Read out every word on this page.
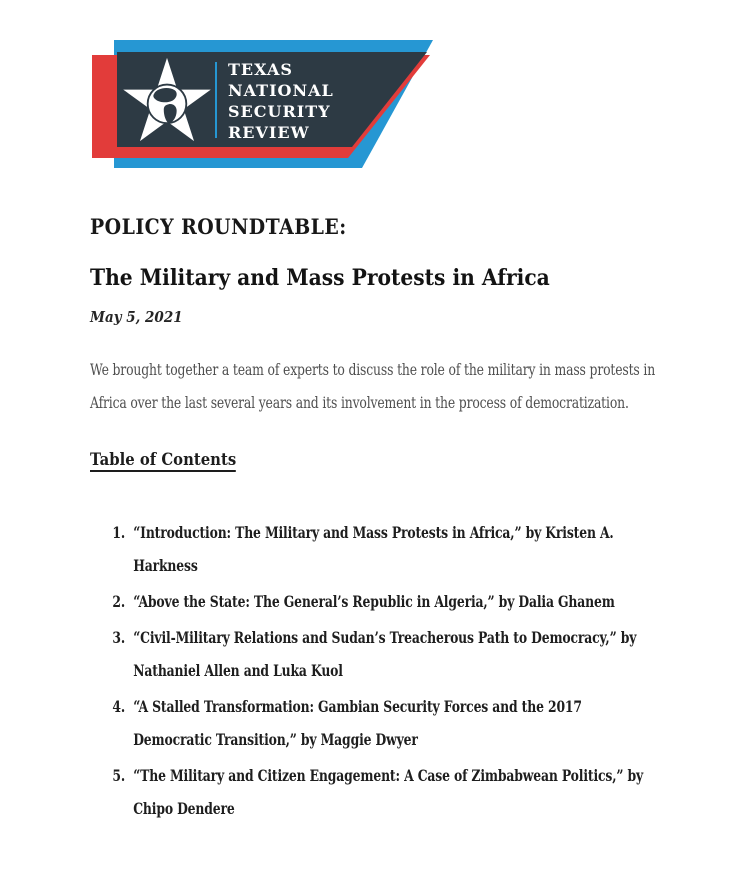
TEXAS
NATIONAL
SECURITY
REVIEW
POLICY ROUNDTABLE:
The Military and Mass Protests in Africa
May 5, 2021

We brought together a team of experts to discuss the role of the military in mass protests in Africa over the last several years and its involvement in the process of democratization.

Table of Contents
1. “Introduction: The Military and Mass Protests in Africa,” by Kristen A. Harkness
2. “Above the State: The General’s Republic in Algeria,” by Dalia Ghanem
3. “Civil-Military Relations and Sudan’s Treacherous Path to Democracy,” by Nathaniel Allen and Luka Kuol
4. “A Stalled Transformation: Gambian Security Forces and the 2017 Democratic Transition,” by Maggie Dwyer
5. “The Military and Citizen Engagement: A Case of Zimbabwean Politics,” by Chipo Dendere
